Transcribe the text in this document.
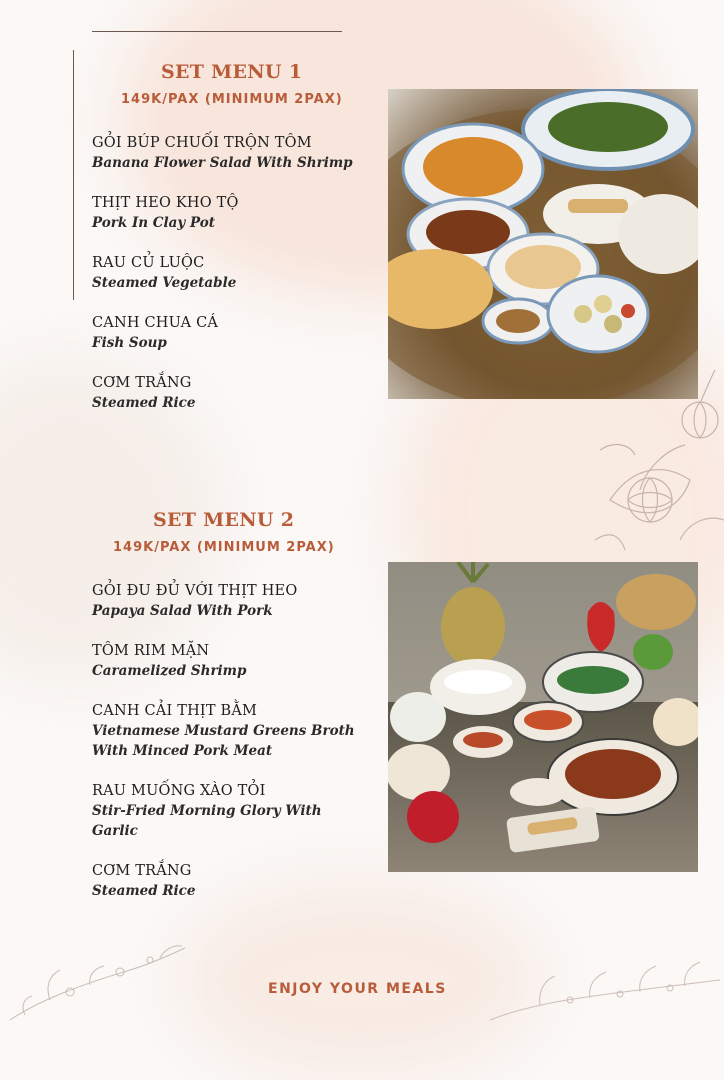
SET MENU 1
149K/PAX (MINIMUM 2PAX)
GỎI BÚP CHUỐI TRỘN TÔM
Banana Flower Salad With Shrimp
THỊT HEO KHO TỘ
Pork In Clay Pot
RAU CỦ LUỘC
Steamed Vegetable
CANH CHUA CÁ
Fish Soup
CƠM TRẮNG
Steamed Rice
SET MENU 2
149K/PAX (MINIMUM 2PAX)
GỎI ĐU ĐỦ VỚI THỊT HEO
Papaya Salad With Pork
TÔM RIM MẶN
Caramelized Shrimp
CANH CẢI THỊT BẰM
Vietnamese Mustard Greens Broth
With Minced Pork Meat
RAU MUỐNG XÀO TỎI
Stir-Fried Morning Glory With
Garlic
CƠM TRẮNG
Steamed Rice
ENJOY YOUR MEALS
